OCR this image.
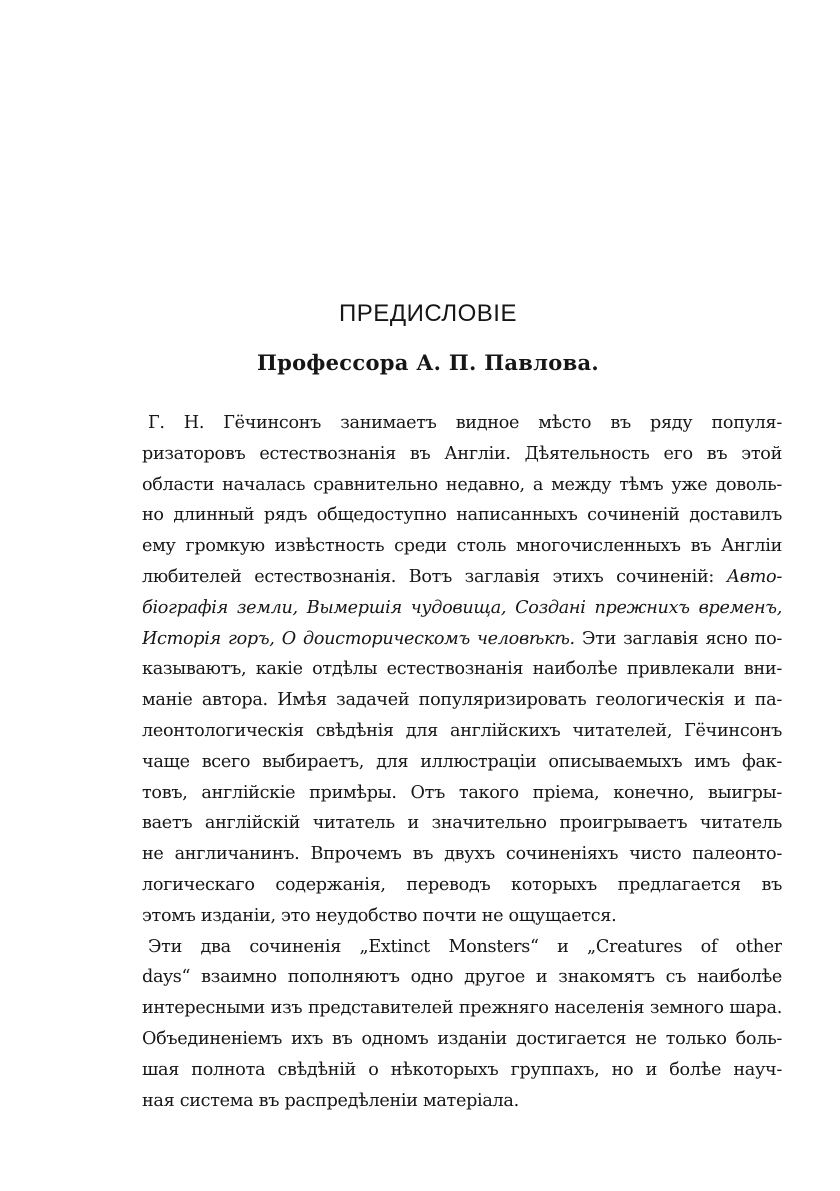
ПРЕДИСЛОВІЕ
Профессора А. П. Павлова.
Г. Н. Гёчинсонъ занимаетъ видное мѣсто въ ряду популя-
ризаторовъ естествознанія въ Англіи. Дѣятельность его въ этой
области началась сравнительно недавно, а между тѣмъ уже доволь-
но длинный рядъ общедоступно написанныхъ сочиненій доставилъ
ему громкую извѣстность среди столь многочисленныхъ въ Англіи
любителей естествознанія. Вотъ заглавія этихъ сочиненій: Авто-
біографія земли, Вымершія чудовища, Создані прежнихъ временъ,
Исторія горъ, О доисторическомъ человѣкѣ. Эти заглавія ясно по-
казываютъ, какіе отдѣлы естествознанія наиболѣе привлекали вни-
маніе автора. Имѣя задачей популяризировать геологическія и па-
леонтологическія свѣдѣнія для англійскихъ читателей, Гёчинсонъ
чаще всего выбираетъ, для иллюстраціи описываемыхъ имъ фак-
товъ, англійскіе примѣры. Отъ такого пріема, конечно, выигры-
ваетъ англійскій читатель и значительно проигрываетъ читатель
не англичанинъ. Впрочемъ въ двухъ сочиненіяхъ чисто палеонто-
логическаго содержанія, переводъ которыхъ предлагается въ
этомъ изданіи, это неудобство почти не ощущается.
Эти два сочиненія „Extinct Monsters“ и „Creatures of other
days“ взаимно пополняютъ одно другое и знакомятъ съ наиболѣе
интересными изъ представителей прежняго населенія земного шара.
Объединеніемъ ихъ въ одномъ изданіи достигается не только боль-
шая полнота свѣдѣній о нѣкоторыхъ группахъ, но и болѣе науч-
ная система въ распредѣленіи матеріала.
